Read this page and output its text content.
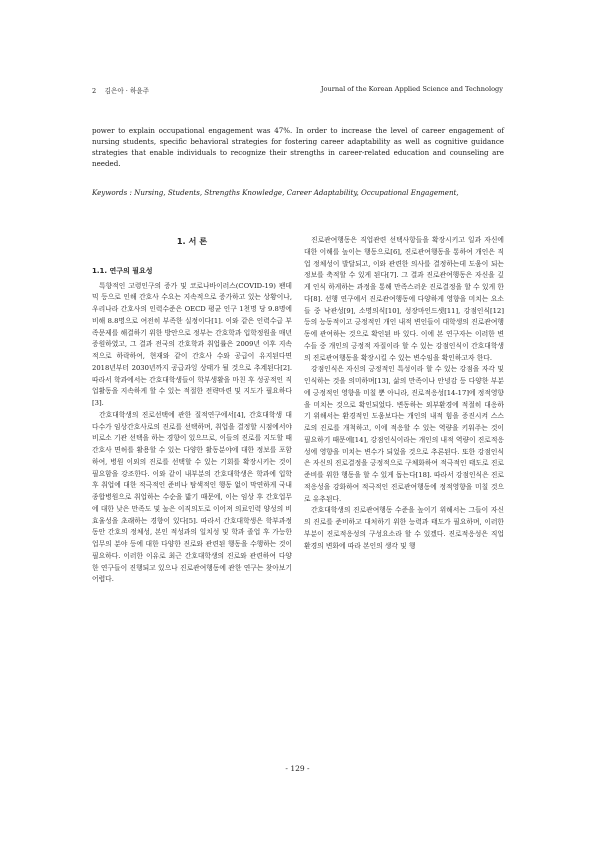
2 김은아 · 하윤주	Journal of the Korean Applied Science and Technology

power to explain occupational engagement was 47%. In order to increase the level of career engagement of nursing students, specific behavioral strategies for fostering career adaptability as well as cognitive guidance strategies that enable individuals to recognize their strengths in career-related education and counseling are needed.

Keywords : Nursing, Students, Strengths Knowledge, Career Adaptability, Occupational Engagement,

1. 서 론
1.1. 연구의 필요성

특향적인 고령인구의 증가 및 코로나바이러스(COVID-19) 팬데믹 등으로 인해 간호사 수요는 지속적으로 증가하고 있는 상황이나, 우리나라 간호사의 인력수준은 OECD 평균 인구 1천명 당 9.8명에 비해 8.8명으로 여전히 부족한 실정이다[1]. 이와 같은 인력수급 부족문제를 해결하기 위한 방안으로 정부는 간호학과 입학정원을 매년 증원하였고, 그 결과 전국의 간호학과 취업률은 2009년 이후 지속적으로 하락하여, 현재와 같이 간호사 수와 공급이 유지된다면 2018년부터 2030년까지 공급과잉 상태가 될 것으로 추계된다[2]. 따라서 학과에서는 간호대학생들이 학부생활을 마친 후 성공적인 직업활동을 지속하게 할 수 있는 적절한 전략마련 및 지도가 필요하다[3].

간호대학생의 진로선택에 관한 질적연구에서[4], 간호대학생 대다수가 임상간호사로의 진로를 선택하며, 취업을 결정할 시점에서야 비로소 기관 선택을 하는 경향이 있으므로, 이들의 진로를 지도할 때 간호사 면허를 활용할 수 있는 다양한 활동분야에 대한 정보를 포함하여, 병원 이외의 진로를 선택할 수 있는 기회를 확장시키는 것이 필요함을 강조한다. 이와 같이 내부분의 간호대학생은 학과에 입학 후 취업에 대한 적극적인 준비나 탐색적인 행동 없이 막연하게 국내 종합병원으로 취업하는 수순을 밟기 때문에, 이는 임상 후 간호업무에 대한 낮은 만족도 및 높은 이직의도로 이어져 의료인력 양성의 비효율성을 초래하는 경향이 있다[5]. 따라서 간호대학생은 학부과정 동안 간호의 정체성, 본인 적성과의 일치성 및 학과 졸업 후 가능한 업무의 분야 등에 대한 다양한 진로와 관련된 행동을 수행하는 것이 필요하다. 이러한 이유로 최근 간호대학생의 진로와 관련하여 다양한 연구들이 진행되고 있으나 진로관여행동에 관한 연구는 찾아보기 어렵다.

진로관여행동은 직업관련 선택사항들을 확장시키고 일과 자신에 대한 이해를 높이는 행동으로[6], 진로관여행동을 통하여 개인은 직업 정체성이 발달되고, 이와 관련한 의사를 결정하는데 도움이 되는 정보를 축적할 수 있게 된다[7]. 그 결과 진로관여행동은 자신을 깊게 인식 하게하는 과정을 통해 만족스러운 진로결정을 할 수 있게 한다[8]. 선행 연구에서 진로관여행동에 다양하게 영향을 미치는 요소들 중 낙관성[9], 소명의식[10], 성장마인드셋[11], 강점인식[12]등의 능동적이고 긍정적인 개인 내적 변인들이 대학생의 진로관여행동에 관여하는 것으로 확인된 바 있다. 이에 본 연구자는 이러한 변수들 중 개인의 긍정적 자질이라 할 수 있는 강점인식이 간호대학생의 진로관여행동을 확장시킬 수 있는 변수임을 확인하고자 한다.

강점인식은 자신의 긍정적인 특성이라 할 수 있는 강점을 자각 및 인식하는 것을 의미하며[13], 삶의 만족이나 안녕감 등 다양한 부분에 긍정적인 영향을 미칠 뿐 아니라, 진로적응성[14-17]에 정적영향을 미치는 것으로 확인되었다. 변동하는 외부환경에 적절히 대응하기 위해서는 환경적인 도움보다는 개인의 내적 힘을 증진시켜 스스로의 진로를 개척하고, 이에 적응할 수 있는 역량을 키워주는 것이 필요하기 때문에[14], 강점인식이라는 개인의 내적 역량이 진로적응성에 영향을 미치는 변수가 되었을 것으로 추론된다. 또한 강점인식은 자신의 진로결정을 긍정적으로 구체화하여 적극적인 태도로 진로 준비를 위한 행동을 할 수 있게 돕는다[18]. 따라서 강점인식은 진로적응성을 강화하여 적극적인 진로관여행동에 정적영향을 미칠 것으로 유추된다.

간호대학생의 진로관여행동 수준을 높이기 위해서는 그들이 자신의 진로를 준비하고 대처하기 위한 능력과 태도가 필요하며, 이러한 부분이 진로적응성의 구성요소라 할 수 있겠다. 진로적응성은 직업 환경의 변화에 따라 본인의 생각 및 행

- 129 -
